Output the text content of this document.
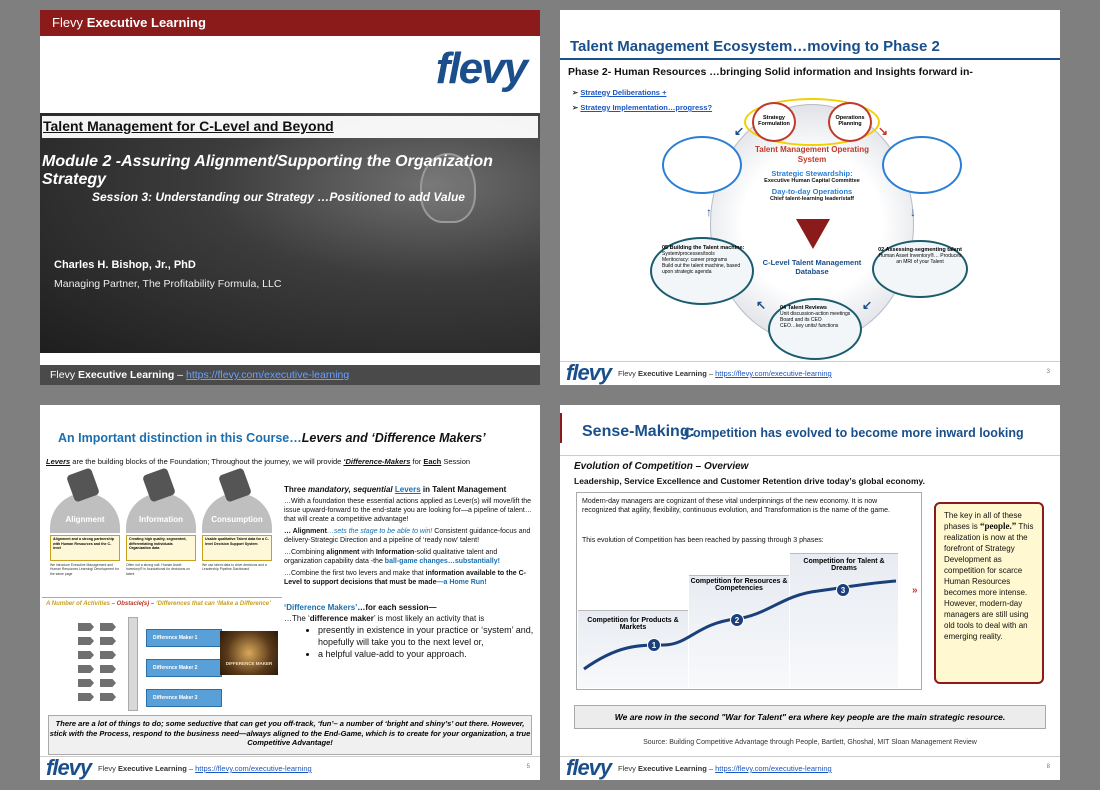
Flevy Executive Learning
flevy
Talent Management for C-Level and Beyond
Module 2 -Assuring Alignment/Supporting the Organization Strategy
Session 3: Understanding our Strategy …Positioned to add Value
Charles H. Bishop, Jr., PhD
Managing Partner, The Profitability Formula, LLC
Flevy Executive Learning – https://flevy.com/executive-learning
Talent Management Ecosystem…moving to Phase 2
Phase 2- Human Resources …bringing Solid information and Insights forward in-
➢ Strategy Deliberations +
➢ Strategy Implementation…progress?
Strategy Formulation
Operations Planning
↙	↘
↑	↓
↖	↙
Talent Management Operating System
Strategic Stewardship:
Executive Human Capital Committee
Day-to-day Operations
Chief talent-learning leader/staff
C-Level Talent Management Database
05 Building the Talent machine:
System/processes/tools
Meritocracy: career programs
Build out the talent machine, based upon strategic agenda
02 Assessing-segmenting talent
Human Asset Inventory®… Produces an MRI of your Talent
04 Talent Reviews
Unit discussion-action meetings
Board and its CEO
CEO…key units/ functions
flevy Flevy Executive Learning – https://flevy.com/executive-learning	3
An Important distinction in this Course…Levers and ‘Difference Makers’
Levers are the building blocks of the Foundation; Throughout the journey, we will provide ‘Difference-Makers for Each Session
Alignment
Alignment and a strong partnership with Human Resources and the C-level
We introduce Executive Management and Human Resources Learning/ Development for the same page
Information
Creating high quality, segmented, differentiating individuals Organization data
Often not a strong suit: Human Asset Inventory® is foundational for decisions on talent
Consumption
Usable qualitative Talent data for a C-level Decision Support System
We use talent data to drive decisions and a Leadership Pipeline Dashboard

Three mandatory, sequential Levers in Talent Management

…With a foundation these essential actions applied as Lever(s) will move/lift the issue upward-forward to the end-state you are looking for—a pipeline of talent…that will create a competitive advantage!

… Alignment…sets the stage to be able to win! Consistent guidance-focus and delivery-Strategic Direction and a pipeline of ‘ready now’ talent!

…Combining alignment with Information-solid qualitative talent and organization capability data -the ball-game changes…substantially!

…Combine the first two levers and make that information available to the C-Level to support decisions that must be made—a Home Run!

A Number of Activities – Obstacle(s) – ‘Differences that can ‘Make a Difference’
Difference Maker 1
Difference Maker 2
Difference Maker 3
DIFFERENCE MAKER
‘Difference Makers’…for each session—
…The ‘difference maker’ is most likely an activity that is
• presently in existence in your practice or ‘system’ and, hopefully will take you to the next level or,
• a helpful value-add to your approach.
There are a lot of things to do; some seductive that can get you off-track, ‘fun’– a number of ‘bright and shiny’s’ out there. However, stick with the Process, respond to the business need—always aligned to the End-Game, which is to create for your organization, a true Competitive Advantage!
flevy Flevy Executive Learning – https://flevy.com/executive-learning	5
Sense-Making:
Competition has evolved to become more inward looking
Evolution of Competition – Overview
Leadership, Service Excellence and Customer Retention drive today’s global economy.
Modern-day managers are cognizant of these vital underpinnings of the new economy. It is now recognized that agility, flexibility, continuous evolution, and Transformation is the name of the game.
This evolution of Competition has been reached by passing through 3 phases:
Competition for Products & Markets
Competition for Resources & Competencies
Competition for Talent & Dreams
1
2
3	»
The key in all of these phases is “people.” This realization is now at the forefront of Strategy Development as competition for scarce Human Resources becomes more intense. However, modern-day managers are still using old tools to deal with an emerging reality.
We are now in the second "War for Talent" era where key people are the main strategic resource.
Source: Building Competitive Advantage through People, Bartlett, Ghoshal, MIT Sloan Management Review
flevy Flevy Executive Learning – https://flevy.com/executive-learning	8
